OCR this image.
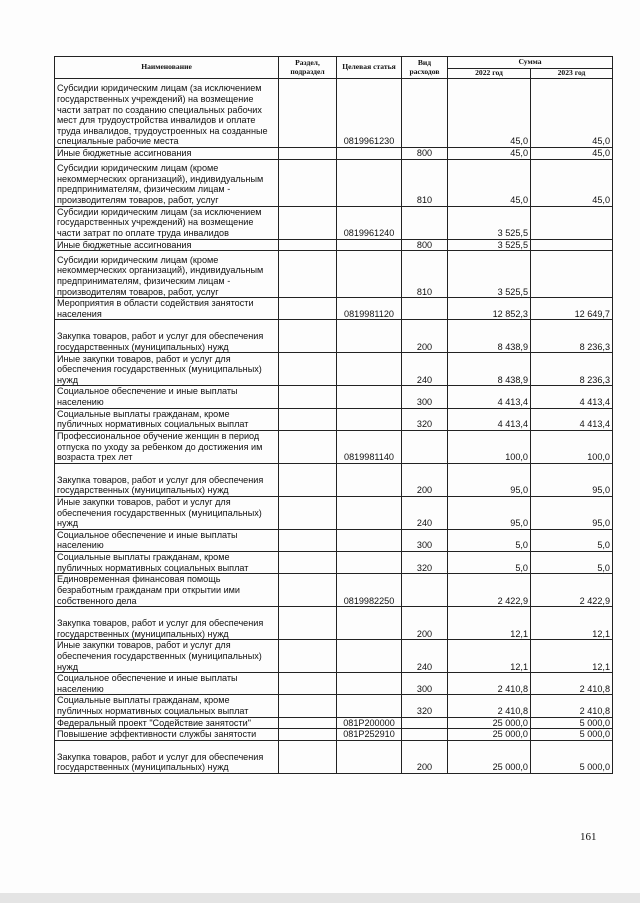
Наименование	Раздел, подраздел	Целевая статья	Вид расходов	Сумма	
				2022 год	2023 год
Субсидии юридическим лицам (за исключением государственных учреждений) на возмещение части затрат по созданию специальных рабочих мест для трудоустройства инвалидов и оплате труда инвалидов, трудоустроенных на созданные специальные рабочие места		0819961230		45,0	45,0
Иные бюджетные ассигнования			800	45,0	45,0
Субсидии юридическим лицам (кроме некоммерческих организаций), индивидуальным предпринимателям, физическим лицам - производителям товаров, работ, услуг			810	45,0	45,0
Субсидии юридическим лицам (за исключением государственных учреждений) на возмещение части затрат по оплате труда инвалидов		0819961240		3 525,5	
Иные бюджетные ассигнования			800	3 525,5	
Субсидии юридическим лицам (кроме некоммерческих организаций), индивидуальным предпринимателям, физическим лицам - производителям товаров, работ, услуг			810	3 525,5	
Мероприятия в области содействия занятости населения		0819981120		12 852,3	12 649,7
Закупка товаров, работ и услуг для обеспечения государственных (муниципальных) нужд			200	8 438,9	8 236,3
Иные закупки товаров, работ и услуг для обеспечения государственных (муниципальных) нужд			240	8 438,9	8 236,3
Социальное обеспечение и иные выплаты населению			300	4 413,4	4 413,4
Социальные выплаты гражданам, кроме публичных нормативных социальных выплат			320	4 413,4	4 413,4
Профессиональное обучение женщин в период отпуска по уходу за ребенком до достижения им возраста трех лет		0819981140		100,0	100,0
Закупка товаров, работ и услуг для обеспечения государственных (муниципальных) нужд			200	95,0	95,0
Иные закупки товаров, работ и услуг для обеспечения государственных (муниципальных) нужд			240	95,0	95,0
Социальное обеспечение и иные выплаты населению			300	5,0	5,0
Социальные выплаты гражданам, кроме публичных нормативных социальных выплат			320	5,0	5,0
Единовременная финансовая помощь безработным гражданам при открытии ими собственного дела		0819982250		2 422,9	2 422,9
Закупка товаров, работ и услуг для обеспечения государственных (муниципальных) нужд			200	12,1	12,1
Иные закупки товаров, работ и услуг для обеспечения государственных (муниципальных) нужд			240	12,1	12,1
Социальное обеспечение и иные выплаты населению			300	2 410,8	2 410,8
Социальные выплаты гражданам, кроме публичных нормативных социальных выплат			320	2 410,8	2 410,8
Федеральный проект "Содействие занятости"		081P200000		25 000,0	5 000,0
Повышение эффективности службы занятости		081P252910		25 000,0	5 000,0
Закупка товаров, работ и услуг для обеспечения государственных (муниципальных) нужд			200	25 000,0	5 000,0
161
